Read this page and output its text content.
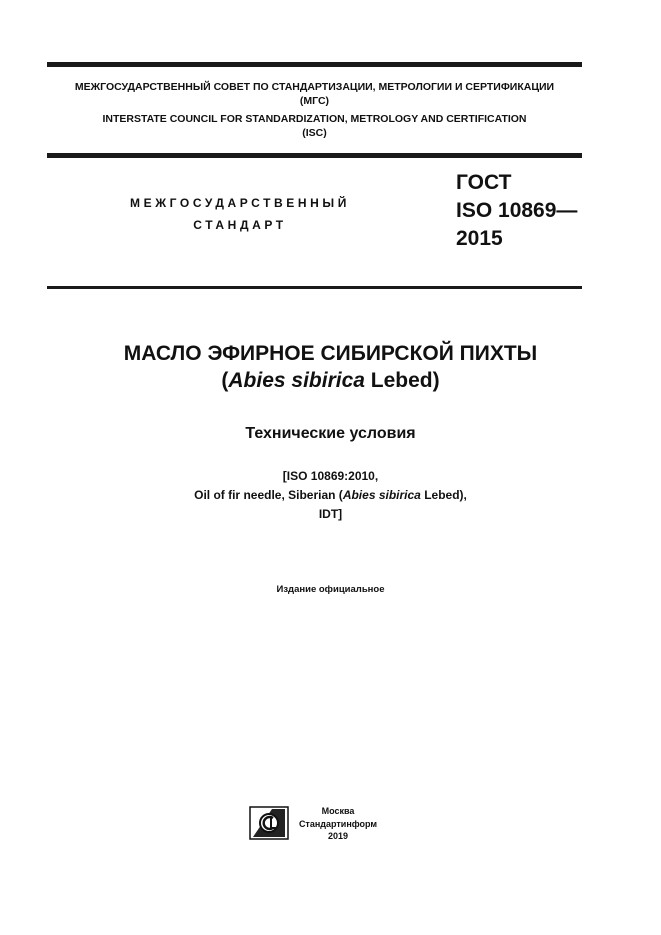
МЕЖГОСУДАРСТВЕННЫЙ СОВЕТ ПО СТАНДАРТИЗАЦИИ, МЕТРОЛОГИИ И СЕРТИФИКАЦИИ
(МГС)
INTERSTATE COUNCIL FOR STANDARDIZATION, METROLOGY AND CERTIFICATION
(ISC)
МЕЖГОСУДАРСТВЕННЫЙ
СТАНДАРТ
ГОСТ
ISO 10869—
2015
МАСЛО ЭФИРНОЕ СИБИРСКОЙ ПИХТЫ
(Abies sibirica Lebed)
Технические условия
[ISO 10869:2010,
Oil of fir needle, Siberian (Abies sibirica Lebed),
IDT]
Издание официальное
Москва
Стандартинформ
2019
